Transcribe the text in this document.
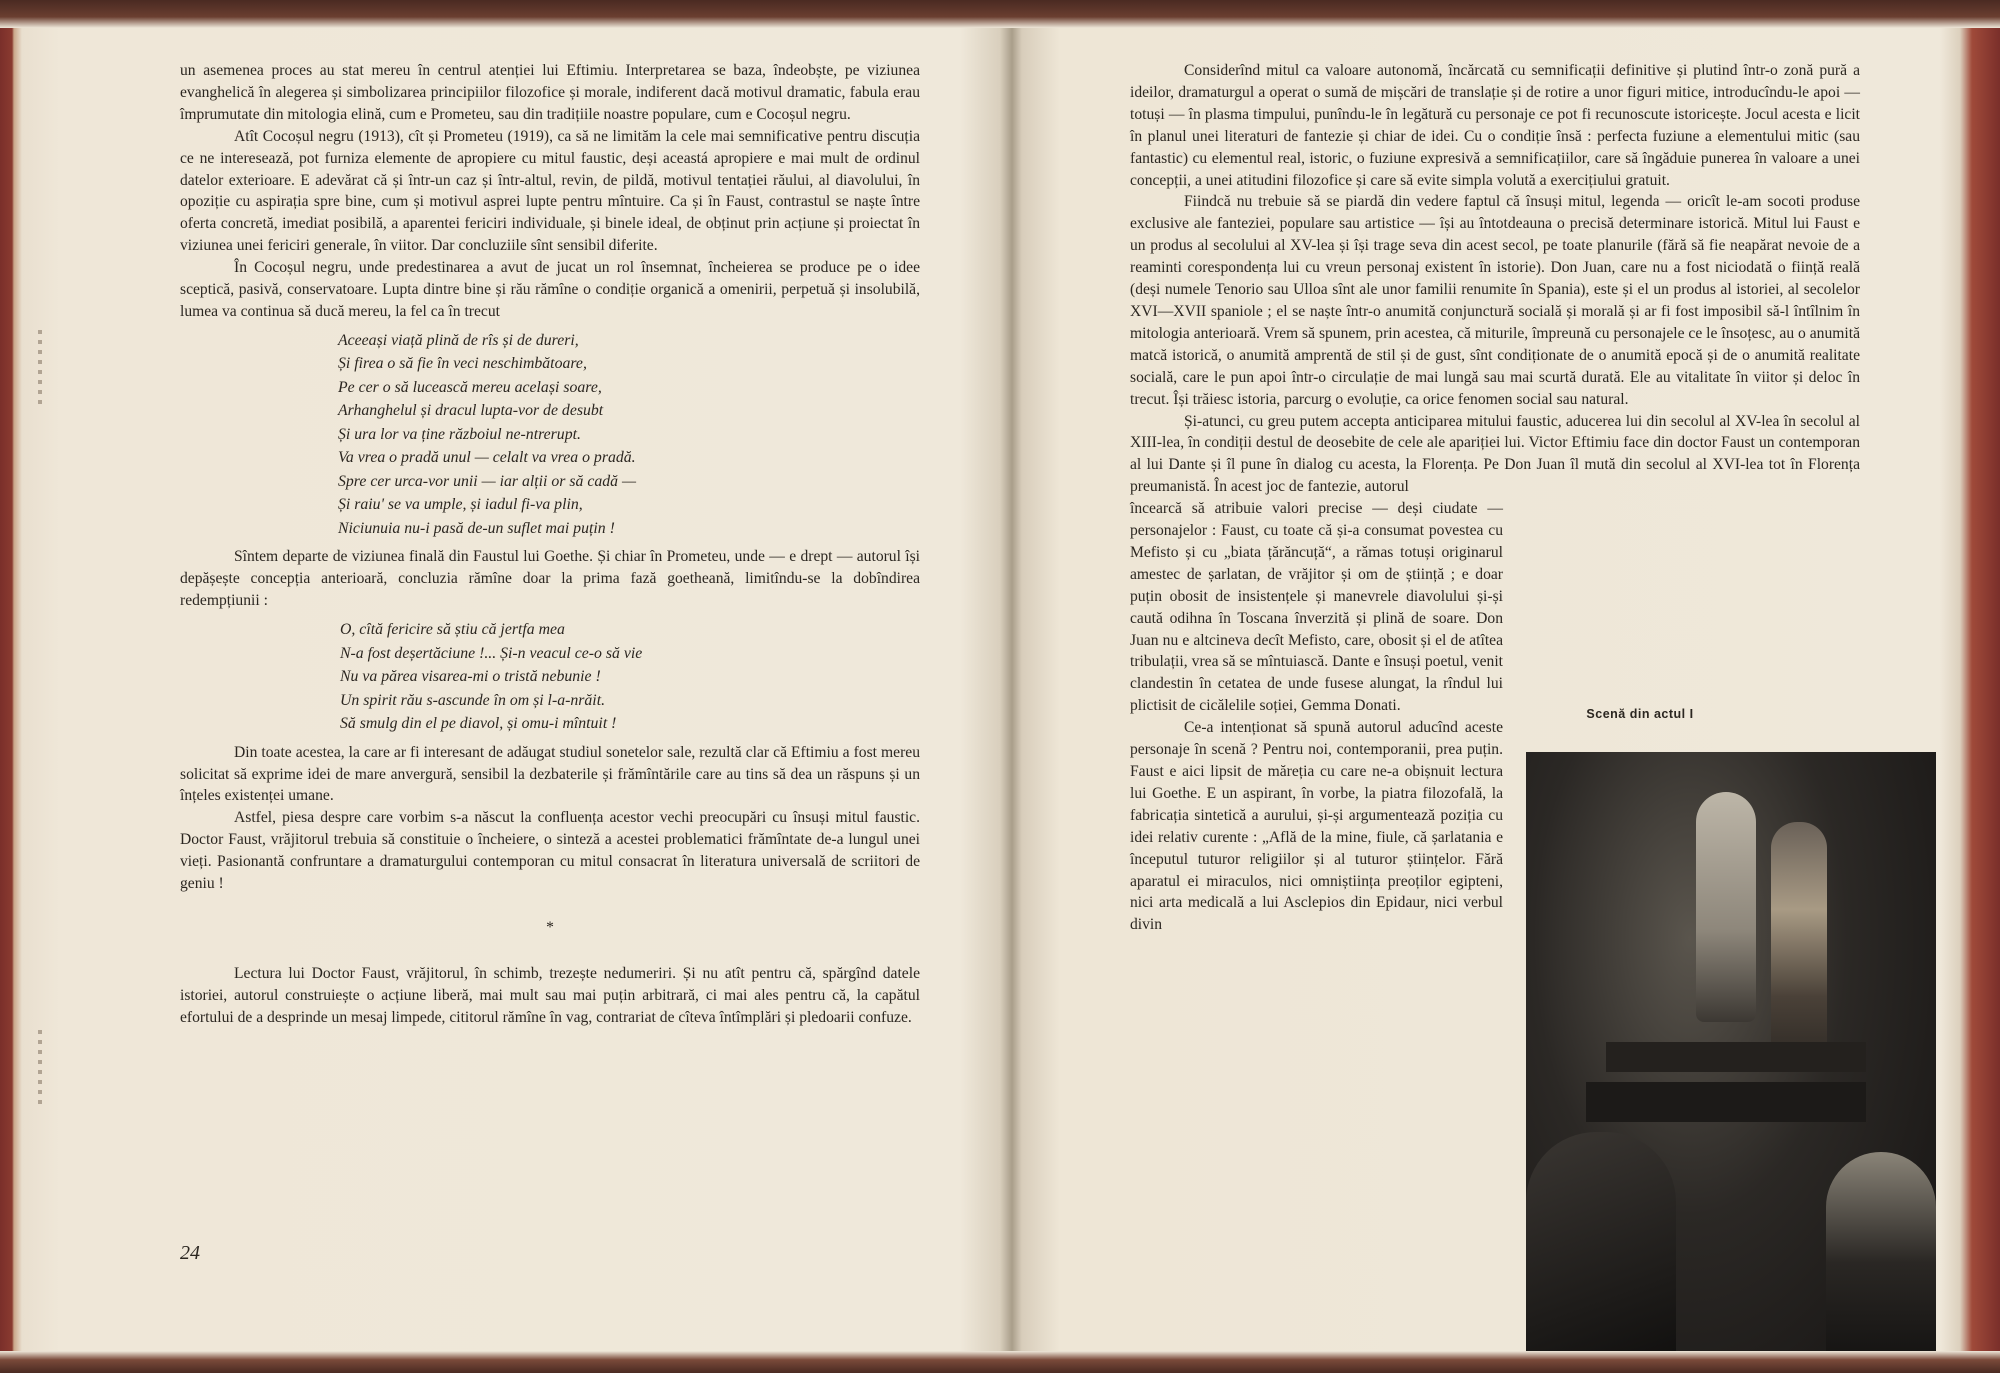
un asemenea proces au stat mereu în centrul atenției lui Eftimiu. Interpretarea se baza, îndeobște, pe viziunea evanghelică în alegerea și simbolizarea principiilor filozofice și morale, indiferent dacă motivul dramatic, fabula erau împrumutate din mitologia elină, cum e Prometeu, sau din tradițiile noastre populare, cum e Cocoșul negru.

Atît Cocoșul negru (1913), cît și Prometeu (1919), ca să ne limităm la cele mai semnificative pentru discuția ce ne interesează, pot furniza elemente de apropiere cu mitul faustic, deși aceastá apropiere e mai mult de ordinul datelor exterioare. E adevărat că și într-un caz și într-altul, revin, de pildă, motivul tentației răului, al diavolului, în opoziție cu aspirația spre bine, cum și motivul asprei lupte pentru mîntuire. Ca și în Faust, contrastul se naște între oferta concretă, imediat posibilă, a aparentei fericiri individuale, și binele ideal, de obținut prin acțiune și proiectat în viziunea unei fericiri generale, în viitor. Dar concluziile sînt sensibil diferite.

În Cocoșul negru, unde predestinarea a avut de jucat un rol însemnat, încheierea se produce pe o idee sceptică, pasivă, conservatoare. Lupta dintre bine și rău rămîne o condiție organică a omenirii, perpetuă și insolubilă, lumea va continua să ducă mereu, la fel ca în trecut

Aceeași viață plină de rîs și de dureri,
Și firea o să fie în veci neschimbătoare,
Pe cer o să lucească mereu același soare,
Arhanghelul și dracul lupta-vor de desubt
Și ura lor va ține războiul ne-ntrerupt.
Va vrea o pradă unul — celalt va vrea o pradă.
Spre cer urca-vor unii — iar alții or să cadă —
Și raiu' se va umple, și iadul fi-va plin,
Niciunuia nu-i pasă de-un suflet mai puțin !

Sîntem departe de viziunea finală din Faustul lui Goethe. Și chiar în Prometeu, unde — e drept — autorul își depășește concepția anterioară, concluzia rămîne doar la prima fază goetheană, limitîndu-se la dobîndirea redempțiunii :

O, cîtă fericire să știu că jertfa mea
N-a fost deșertăciune !... Și-n veacul ce-o să vie
Nu va părea visarea-mi o tristă nebunie !
Un spirit rău s-ascunde în om și l-a-nrăit.
Să smulg din el pe diavol, și omu-i mîntuit !

Din toate acestea, la care ar fi interesant de adăugat studiul sonetelor sale, rezultă clar că Eftimiu a fost mereu solicitat să exprime idei de mare anvergură, sensibil la dezbaterile și frămîntările care au tins să dea un răspuns și un înțeles existenței umane.

Astfel, piesa despre care vorbim s-a născut la confluența acestor vechi preocupări cu însuși mitul faustic. Doctor Faust, vrăjitorul trebuia să constituie o încheiere, o sinteză a acestei problematici frămîntate de-a lungul unei vieți. Pasionantă confruntare a dramaturgului contemporan cu mitul consacrat în literatura universală de scriitori de geniu !

*

Lectura lui Doctor Faust, vrăjitorul, în schimb, trezește nedumeriri. Și nu atît pentru că, spărgînd datele istoriei, autorul construiește o acțiune liberă, mai mult sau mai puțin arbitrară, ci mai ales pentru că, la capătul efortului de a desprinde un mesaj limpede, cititorul rămîne în vag, contrariat de cîteva întîmplări și pledoarii confuze.

24

Considerînd mitul ca valoare autonomă, încărcată cu semnificații definitive și plutind într-o zonă pură a ideilor, dramaturgul a operat o sumă de mișcări de translație și de rotire a unor figuri mitice, introducîndu-le apoi — totuși — în plasma timpului, punîndu-le în legătură cu personaje ce pot fi recunoscute istoricește. Jocul acesta e licit în planul unei literaturi de fantezie și chiar de idei. Cu o condiție însă : perfecta fuziune a elementului mitic (sau fantastic) cu elementul real, istoric, o fuziune expresivă a semnificațiilor, care să îngăduie punerea în valoare a unei concepții, a unei atitudini filozofice și care să evite simpla volută a exercițiului gratuit.

Fiindcă nu trebuie să se piardă din vedere faptul că însuși mitul, legenda — oricît le-am socoti produse exclusive ale fanteziei, populare sau artistice — își au întotdeauna o precisă determinare istorică. Mitul lui Faust e un produs al secolului al XV-lea și își trage seva din acest secol, pe toate planurile (fără să fie neapărat nevoie de a reaminti corespondența lui cu vreun personaj existent în istorie). Don Juan, care nu a fost niciodată o ființă reală (deși numele Tenorio sau Ulloa sînt ale unor familii renumite în Spania), este și el un produs al istoriei, al secolelor XVI—XVII spaniole ; el se naște într-o anumită conjunctură socială și morală și ar fi fost imposibil să-l întîlnim în mitologia anterioară. Vrem să spunem, prin acestea, că miturile, împreună cu personajele ce le însoțesc, au o anumită matcă istorică, o anumită amprentă de stil și de gust, sînt condiționate de o anumită epocă și de o anumită realitate socială, care le pun apoi într-o circulație de mai lungă sau mai scurtă durată. Ele au vitalitate în viitor și deloc în trecut. Își trăiesc istoria, parcurg o evoluție, ca orice fenomen social sau natural.

Și-atunci, cu greu putem accepta anticiparea mitului faustic, aducerea lui din secolul al XV-lea în secolul al XIII-lea, în condiții destul de deosebite de cele ale apariției lui. Victor Eftimiu face din doctor Faust un contemporan al lui Dante și îl pune în dialog cu acesta, la Florența. Pe Don Juan îl mută din secolul al XVI-lea tot în Florența preumanistă. În acest joc de fantezie, autorul

încearcă să atribuie valori precise — deși ciudate — personajelor : Faust, cu toate că și-a consumat povestea cu Mefisto și cu „biata țărăncuță“, a rămas totuși originarul amestec de șarlatan, de vrăjitor și om de știință ; e doar puțin obosit de insistențele și manevrele diavolului și-și caută odihna în Toscana înverzită și plină de soare. Don Juan nu e altcineva decît Mefisto, care, obosit și el de atîtea tribulații, vrea să se mîntuiască. Dante e însuși poetul, venit clandestin în cetatea de unde fusese alungat, la rîndul lui plictisit de cicălelile soției, Gemma Donati.

Ce-a intenționat să spună autorul aducînd aceste personaje în scenă ? Pentru noi, contemporanii, prea puțin. Faust e aici lipsit de măreția cu care ne-a obișnuit lectura lui Goethe. E un aspirant, în vorbe, la piatra filozofală, la fabricația sintetică a aurului, și-și argumentează poziția cu idei relativ curente : „Află de la mine, fiule, că șarlatania e începutul tuturor religiilor și al tuturor științelor. Fără aparatul ei miraculos, nici omniștiința preoților egipteni, nici arta medicală a lui Asclepios din Epidaur, nici verbul divin

Scenă din actul I
